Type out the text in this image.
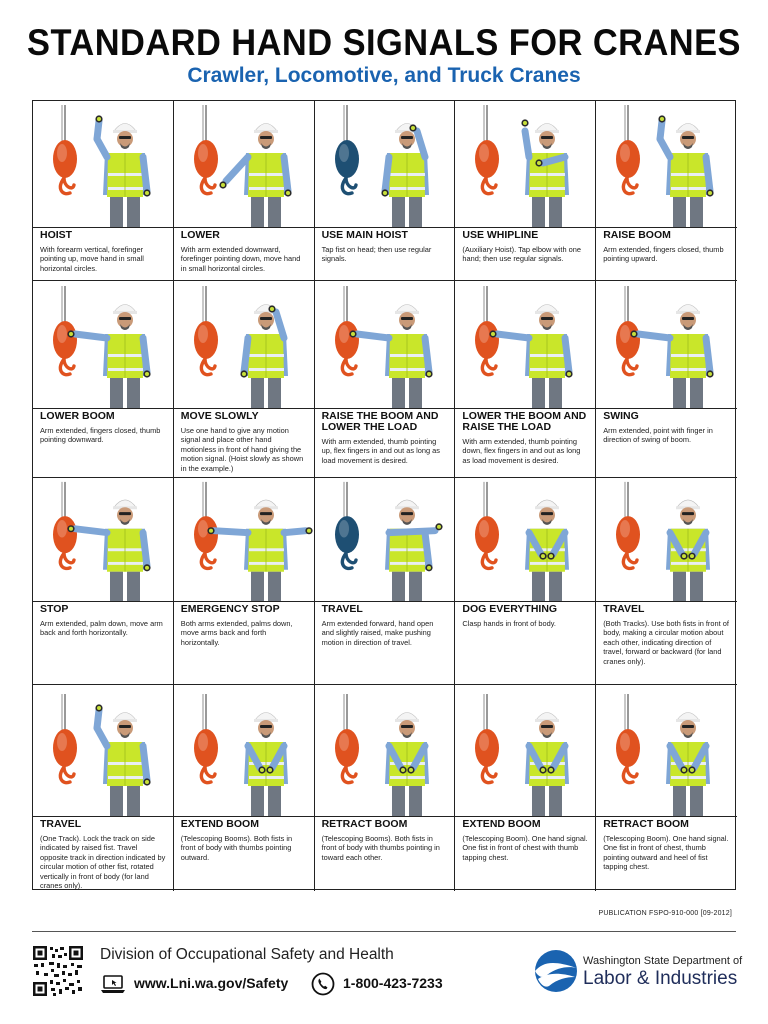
STANDARD HAND SIGNALS FOR CRANES
Crawler, Locomotive, and Truck Cranes
HOIST
With forearm vertical, forefinger pointing up, move hand in small horizontal circles.
LOWER
With arm extended downward, forefinger pointing down, move hand in small horizontal circles.
USE MAIN HOIST
Tap fist on head; then use regular signals.
USE WHIPLINE
(Auxiliary Hoist). Tap elbow with one hand; then use regular signals.
RAISE BOOM
Arm extended, fingers closed, thumb pointing upward.
LOWER BOOM
Arm extended, fingers closed, thumb pointing downward.
MOVE SLOWLY
Use one hand to give any motion signal and place other hand motionless in front of hand giving the motion signal. (Hoist slowly as shown in the example.)
RAISE THE BOOM AND LOWER THE LOAD
With arm extended, thumb pointing up, flex fingers in and out as long as load movement is desired.
LOWER THE BOOM AND RAISE THE LOAD
With arm extended, thumb pointing down, flex fingers in and out as long as load movement is desired.
SWING
Arm extended, point with finger in direction of swing of boom.
STOP
Arm extended, palm down, move arm back and forth horizontally.
EMERGENCY STOP
Both arms extended, palms down, move arms back and forth horizontally.
TRAVEL
Arm extended forward, hand open and slightly raised, make pushing motion in direction of travel.
DOG EVERYTHING
Clasp hands in front of body.
TRAVEL
(Both Tracks). Use both fists in front of body, making a circular motion about each other, indicating direction of travel, forward or backward (for land cranes only).
TRAVEL
(One Track). Lock the track on side indicated by raised fist. Travel opposite track in direction indicated by circular motion of other fist, rotated vertically in front of body (for land cranes only).
EXTEND BOOM
(Telescoping Booms). Both fists in front of body with thumbs pointing outward.
RETRACT BOOM
(Telescoping Booms). Both fists in front of body with thumbs pointing in toward each other.
EXTEND BOOM
(Telescoping Boom). One hand signal. One fist in front of chest with thumb tapping chest.
RETRACT BOOM
(Telescoping Boom). One hand signal. One fist in front of chest, thumb pointing outward and heel of fist tapping chest.
PUBLICATION FSPO-910-000 [09-2012]
Division of Occupational Safety and Health
www.Lni.wa.gov/Safety	1-800-423-7233
Washington State Department of
Labor & Industries
